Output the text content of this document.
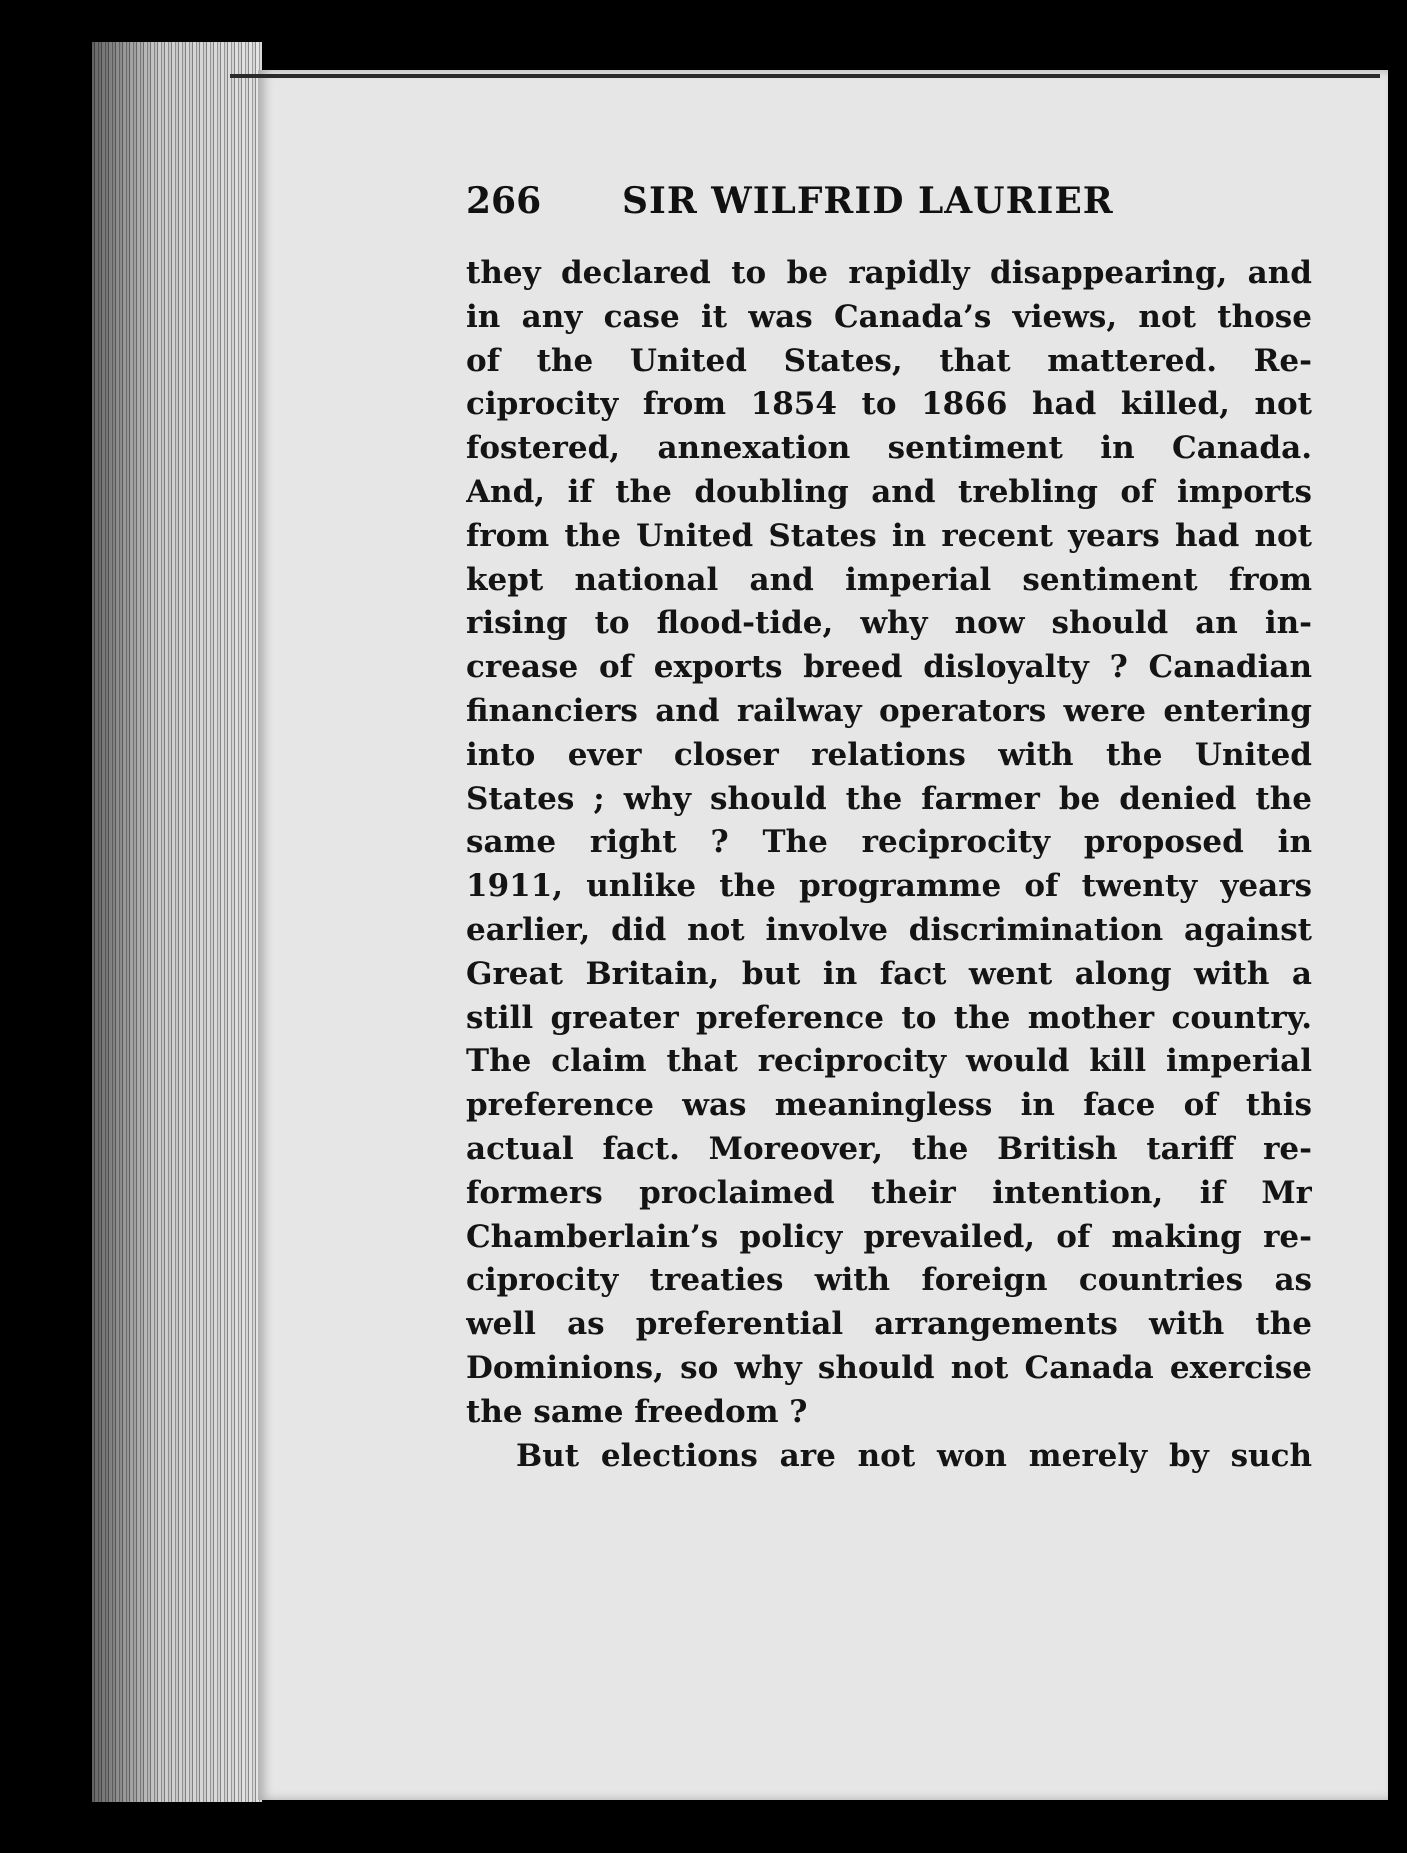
266 SIR WILFRID LAURIER
they declared to be rapidly disappearing, and
in any case it was Canada’s views, not those
of the United States, that mattered. Re-
ciprocity from 1854 to 1866 had killed, not
fostered, annexation sentiment in Canada.
And, if the doubling and trebling of imports
from the United States in recent years had not
kept national and imperial sentiment from
rising to flood-tide, why now should an in-
crease of exports breed disloyalty ? Canadian
financiers and railway operators were entering
into ever closer relations with the United
States ; why should the farmer be denied the
same right ? The reciprocity proposed in
1911, unlike the programme of twenty years
earlier, did not involve discrimination against
Great Britain, but in fact went along with a
still greater preference to the mother country.
The claim that reciprocity would kill imperial
preference was meaningless in face of this
actual fact. Moreover, the British tariff re-
formers proclaimed their intention, if Mr
Chamberlain’s policy prevailed, of making re-
ciprocity treaties with foreign countries as
well as preferential arrangements with the
Dominions, so why should not Canada exercise
the same freedom ?
But elections are not won merely by such
